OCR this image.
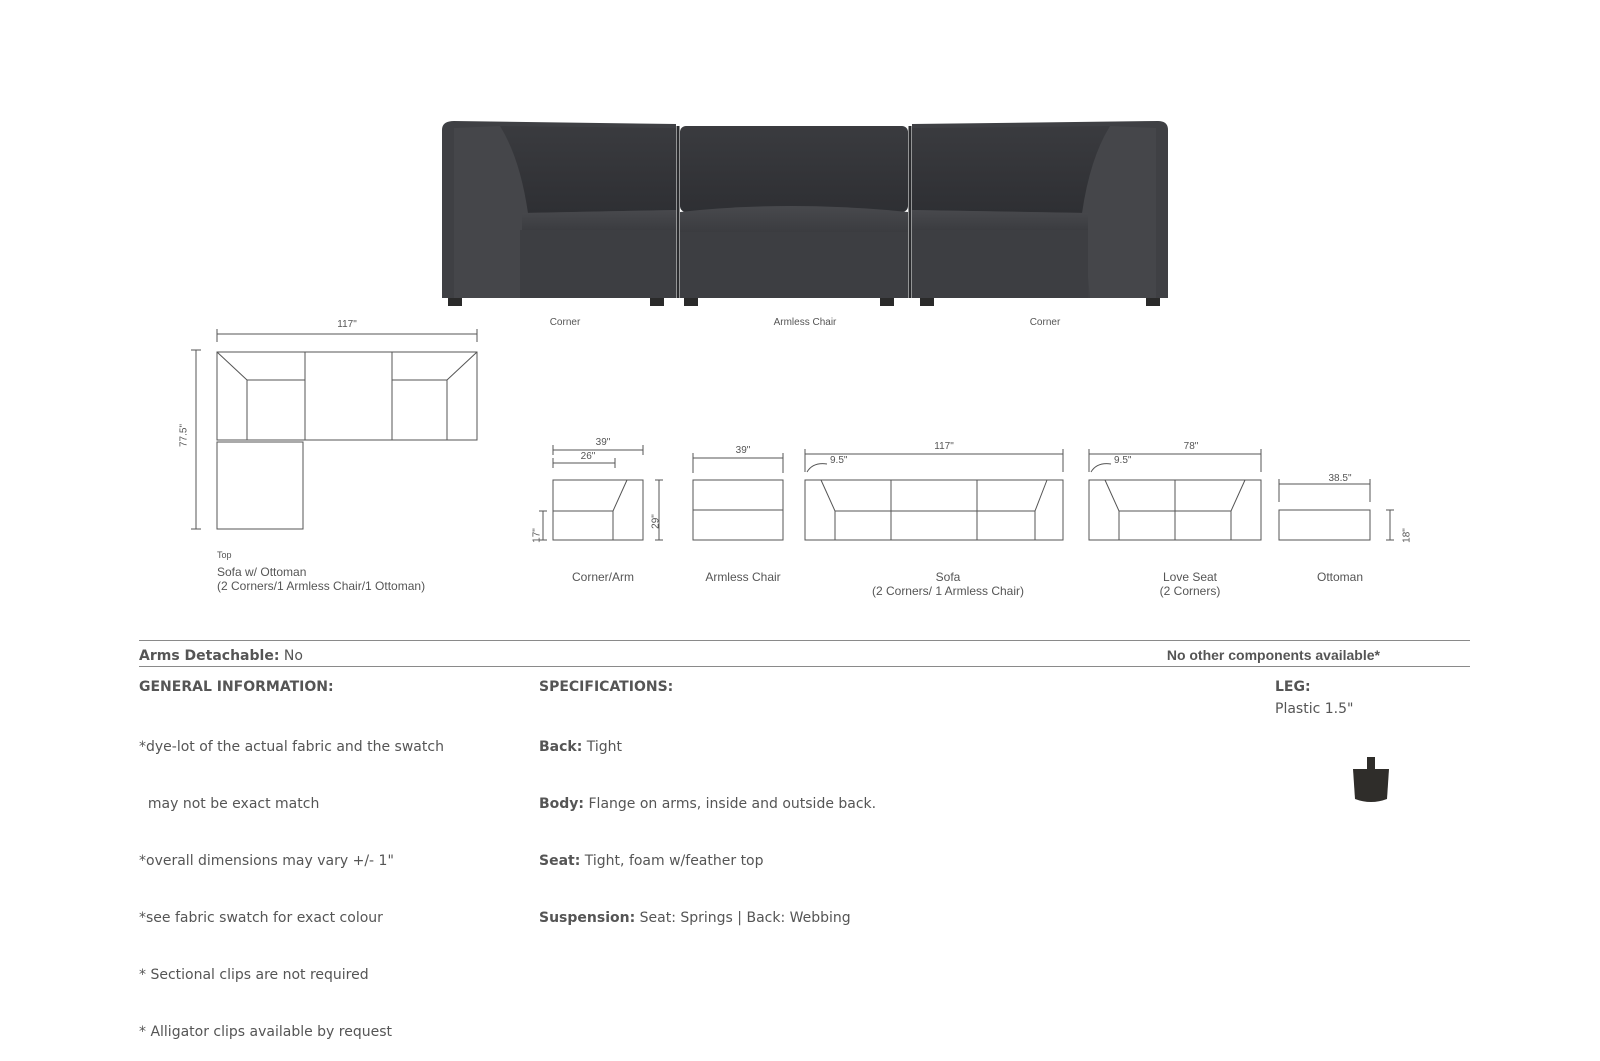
Corner	Armless Chair	Corner
117"
77.5"
Top
Sofa w/ Ottoman
(2 Corners/1 Armless Chair/1 Ottoman)
39"
26"
29"
17"
39"	117"
9.5"
78"
9.5"
38.5"
18"
Corner/Arm	Armless Chair	Sofa
(2 Corners/ 1 Armless Chair)
Love Seat
(2 Corners)
Ottoman
Arms Detachable: No	No other components available*
GENERAL INFORMATION:

*dye-lot of the actual fabric and the swatch

may not be exact match

*overall dimensions may vary +/- 1"

*see fabric swatch for exact colour

* Sectional clips are not required

* Alligator clips available by request

SPECIFICATIONS:

Back: Tight

Body: Flange on arms, inside and outside back.

Seat: Tight, foam w/feather top

Suspension: Seat: Springs | Back: Webbing

LEG:
Plastic 1.5"
